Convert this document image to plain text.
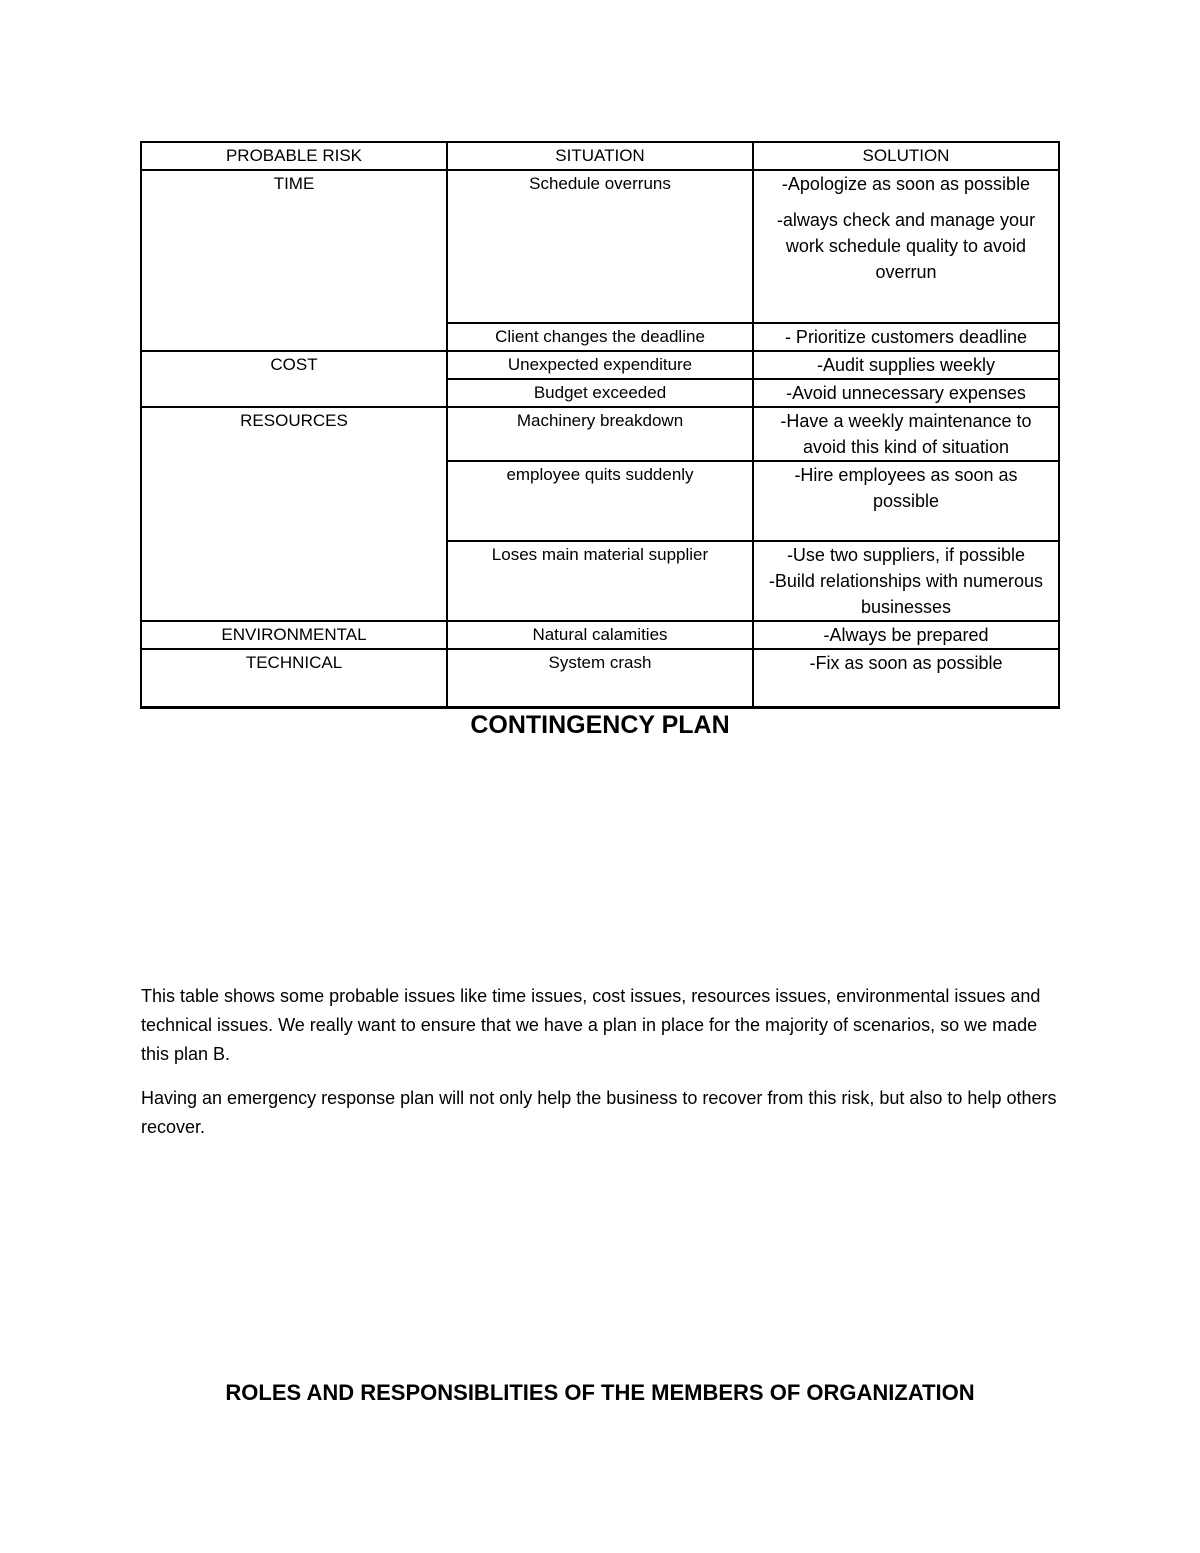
PROBABLE RISK	SITUATION	SOLUTION
TIME	Schedule overruns	-Apologize as soon as possible
-always check and manage your work schedule quality to avoid overrun

	Client changes the deadline	- Prioritize customers deadline

COST	Unexpected expenditure	-Audit supplies weekly

	Budget exceeded	-Avoid unnecessary expenses

RESOURCES	Machinery breakdown	-Have a weekly maintenance to avoid this kind of situation

	employee quits suddenly	-Hire employees as soon as possible

	Loses main material supplier	-Use two suppliers, if possible
-Build relationships with numerous businesses

ENVIRONMENTAL	Natural calamities	-Always be prepared

TECHNICAL	System crash	-Fix as soon as possible
CONTINGENCY PLAN

This table shows some probable issues like time issues, cost issues, resources issues, environmental issues and technical issues. We really want to ensure that we have a plan in place for the majority of scenarios, so we made this plan B.

Having an emergency response plan will not only help the business to recover from this risk, but also to help others recover.

ROLES AND RESPONSIBLITIES OF THE MEMBERS OF ORGANIZATION
